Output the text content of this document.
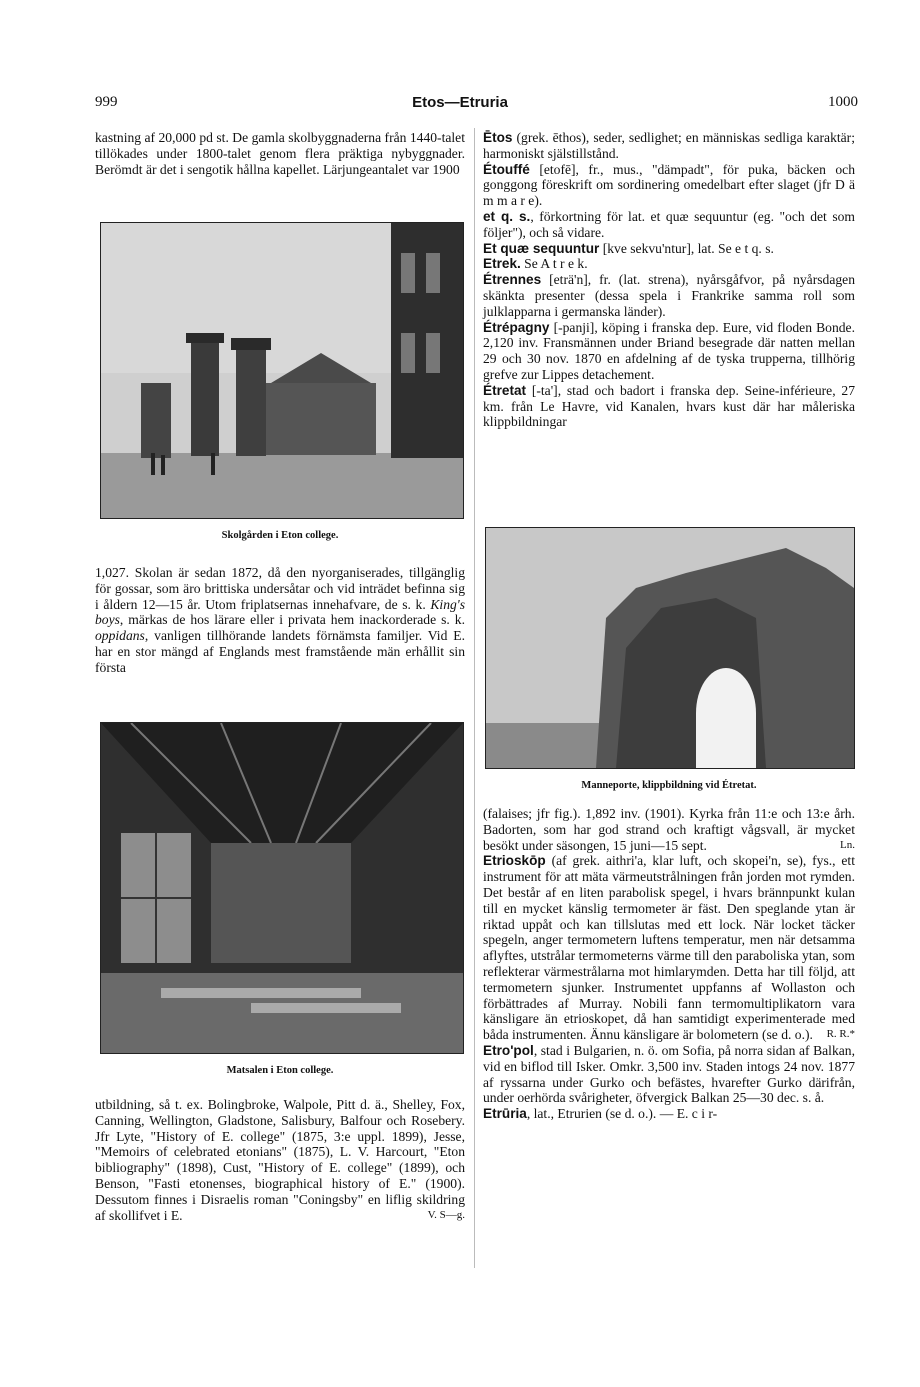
999	Etos—Etruria	1000

kastning af 20,000 pd st. De gamla skolbyggnaderna från 1440-talet tillökades under 1800-talet genom flera präktiga nybyggnader. Berömdt är det i sengotik hållna kapellet. Lärjungeantalet var 1900

Skolgården i Eton college.

1,027. Skolan är sedan 1872, då den nyorganiserades, tillgänglig för gossar, som äro brittiska undersåtar och vid inträdet befinna sig i åldern 12—15 år. Utom friplatsernas innehafvare, de s. k. King's boys, märkas de hos lärare eller i privata hem inackorderade s. k. oppidans, vanligen tillhörande landets förnämsta familjer. Vid E. har en stor mängd af Englands mest framstående män erhållit sin första

Matsalen i Eton college.

utbildning, så t. ex. Bolingbroke, Walpole, Pitt d. ä., Shelley, Fox, Canning, Wellington, Gladstone, Salisbury, Balfour och Rosebery. Jfr Lyte, "History of E. college" (1875, 3:e uppl. 1899), Jesse, "Memoirs of celebrated etonians" (1875), L. V. Harcourt, "Eton bibliography" (1898), Cust, "History of E. college" (1899), och Benson, "Fasti etonenses, biographical history of E." (1900). Dessutom finnes i Disraelis roman "Coningsby" en liflig skildring af skollifvet i E.	V. S—g.

Ētos (grek. ēthos), seder, sedlighet; en människas sedliga karaktär; harmoniskt själstillstånd.

Étouffé [etofē], fr., mus., "dämpadt", för puka, bäcken och gonggong föreskrift om sordinering omedelbart efter slaget (jfr D ä m m a r e).

et q. s., förkortning för lat. et quæ sequuntur (eg. "och det som följer"), och så vidare.

Et quæ sequuntur [kve sekvu'ntur], lat. Se e t q. s.

Etrek. Se A t r e k.

Étrennes [eträ'n], fr. (lat. strena), nyårsgåfvor, på nyårsdagen skänkta presenter (dessa spela i Frankrike samma roll som julklapparna i germanska länder).

Étrépagny [-panji], köping i franska dep. Eure, vid floden Bonde. 2,120 inv. Fransmännen under Briand besegrade där natten mellan 29 och 30 nov. 1870 en afdelning af de tyska trupperna, tillhörig grefve zur Lippes detachement.

Étretat [-ta'], stad och badort i franska dep. Seine-inférieure, 27 km. från Le Havre, vid Kanalen, hvars kust där har måleriska klippbildningar

Manneporte, klippbildning vid Étretat.

(falaises; jfr fig.). 1,892 inv. (1901). Kyrka från 11:e och 13:e årh. Badorten, som har god strand och kraftigt vågsvall, är mycket besökt under säsongen, 15 juni—15 sept.	Ln.

Etrioskōp (af grek. aithri'a, klar luft, och skopei'n, se), fys., ett instrument för att mäta värmeutstrålningen från jorden mot rymden. Det består af en liten parabolisk spegel, i hvars brännpunkt kulan till en mycket känslig termometer är fäst. Den speglande ytan är riktad uppåt och kan tillslutas med ett lock. När locket täcker spegeln, anger termometern luftens temperatur, men när detsamma aflyftes, utstrålar termometerns värme till den paraboliska ytan, som reflekterar värmestrålarna mot himlarymden. Detta har till följd, att termometern sjunker. Instrumentet uppfanns af Wollaston och förbättrades af Murray. Nobili fann termomultiplikatorn vara känsligare än etrioskopet, då han samtidigt experimenterade med båda instrumenten. Ännu känsligare är bolometern (se d. o.). R. R.*

Etro'pol, stad i Bulgarien, n. ö. om Sofia, på norra sidan af Balkan, vid en biflod till Isker. Omkr. 3,500 inv. Staden intogs 24 nov. 1877 af ryssarna under Gurko och befästes, hvarefter Gurko därifrån, under oerhörda svårigheter, öfvergick Balkan 25—30 dec. s. å.

Etrūria, lat., Etrurien (se d. o.). — E. c i r-
